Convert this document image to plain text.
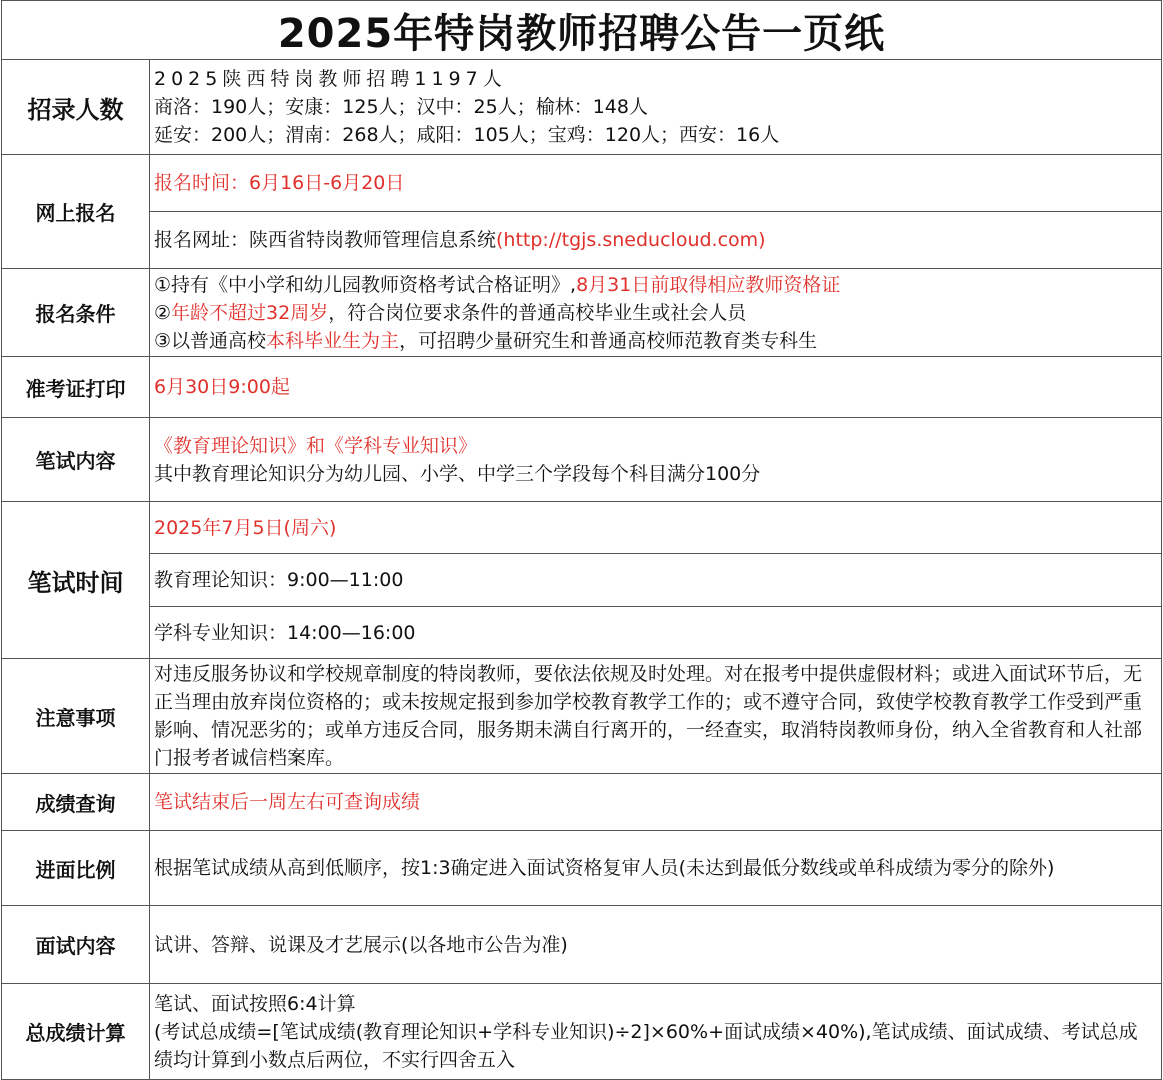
2025年特岗教师招聘公告一页纸	
招录人数	2025陕西特岗教师招聘1197人
商洛：190人；安康：125人；汉中：25人；榆林：148人
延安：200人；渭南：268人；咸阳：105人；宝鸡：120人；西安：16人

网上报名	报名时间：6月16日-6月20日
	报名网址：陕西省特岗教师管理信息系统(http://tgjs.sneducloud.com)
报名条件	①持有《中小学和幼儿园教师资格考试合格证明》,8月31日前取得相应教师资格证
②年龄不超过32周岁，符合岗位要求条件的普通高校毕业生或社会人员
③以普通高校本科毕业生为主，可招聘少量研究生和普通高校师范教育类专科生

准考证打印	6月30日9:00起
笔试内容	《教育理论知识》和《学科专业知识》
其中教育理论知识分为幼儿园、小学、中学三个学段每个科目满分100分

笔试时间	2025年7月5日(周六)
	教育理论知识：9:00—11:00
	学科专业知识：14:00—16:00
注意事项	对违反服务协议和学校规章制度的特岗教师，要依法依规及时处理。对在报考中提供虚假材料；或进入面试环节后，无正当理由放弃岗位资格的；或未按规定报到参加学校教育教学工作的；或不遵守合同，致使学校教育教学工作受到严重影响、情况恶劣的；或单方违反合同，服务期未满自行离开的，一经查实，取消特岗教师身份，纳入全省教育和人社部门报考者诚信档案库。
成绩查询	笔试结束后一周左右可查询成绩
进面比例	根据笔试成绩从高到低顺序，按1:3确定进入面试资格复审人员(未达到最低分数线或单科成绩为零分的除外)
面试内容	试讲、答辩、说课及才艺展示(以各地市公告为准)
总成绩计算	笔试、面试按照6:4计算
(考试总成绩=[笔试成绩(教育理论知识+学科专业知识)÷2]×60%+面试成绩×40%),笔试成绩、面试成绩、考试总成绩均计算到小数点后两位，不实行四舍五入
